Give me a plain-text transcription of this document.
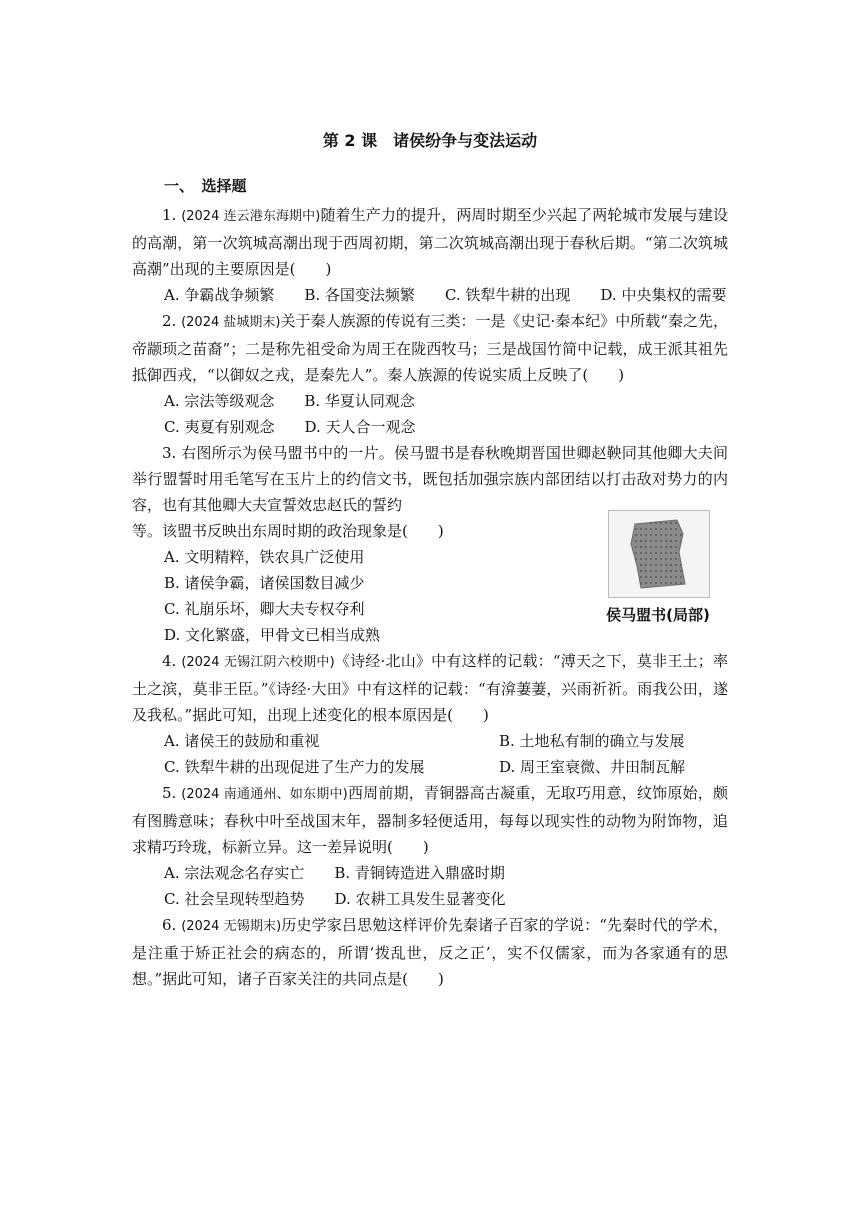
第 2 课　诸侯纷争与变法运动
一、　选择题

1. (2024 连云港东海期中)随着生产力的提升，两周时期至少兴起了两轮城市发展与建设的高潮，第一次筑城高潮出现于西周初期，第二次筑城高潮出现于春秋后期。“第二次筑城高潮”出现的主要原因是(　　)

A. 争霸战争频繁 B. 各国变法频繁 C. 铁犁牛耕的出现 D. 中央集权的需要

2. (2024 盐城期末)关于秦人族源的传说有三类：一是《史记·秦本纪》中所载“秦之先，帝颛顼之苗裔”；二是称先祖受命为周王在陇西牧马；三是战国竹简中记载，成王派其祖先抵御西戎，“以御奴之戎，是秦先人”。秦人族源的传说实质上反映了(　　)

A. 宗法等级观念 B. 华夏认同观念

C. 夷夏有别观念 D. 天人合一观念

3. 右图所示为侯马盟书中的一片。侯马盟书是春秋晚期晋国世卿赵鞅同其他卿大夫间举行盟誓时用毛笔写在玉片上的约信文书，既包括加强宗族内部团结以打击敌对势力的内容，也有其他卿大夫宣誓效忠赵氏的誓约

等。该盟书反映出东周时期的政治现象是(　　)

A. 文明精粹，铁农具广泛使用

B. 诸侯争霸，诸侯国数目减少

C. 礼崩乐坏，卿大夫专权夺利

D. 文化繁盛，甲骨文已相当成熟

侯马盟书(局部)

4. (2024 无锡江阴六校期中)《诗经·北山》中有这样的记载：“溥天之下，莫非王土；率土之滨，莫非王臣。”《诗经·大田》中有这样的记载：“有渰萋萋，兴雨祈祈。雨我公田，遂及我私。”据此可知，出现上述变化的根本原因是(　　)

A. 诸侯王的鼓励和重视	B. 土地私有制的确立与发展

C. 铁犁牛耕的出现促进了生产力的发展	D. 周王室衰微、井田制瓦解

5. (2024 南通通州、如东期中)西周前期，青铜器高古凝重，无取巧用意，纹饰原始，颇有图腾意味；春秋中叶至战国末年，器制多轻便适用，每每以现实性的动物为附饰物，追求精巧玲珑，标新立异。这一差异说明(　　)

A. 宗法观念名存实亡 B. 青铜铸造进入鼎盛时期

C. 社会呈现转型趋势 D. 农耕工具发生显著变化

6. (2024 无锡期末)历史学家吕思勉这样评价先秦诸子百家的学说：“先秦时代的学术，是注重于矫正社会的病态的，所谓‘拨乱世，反之正’，实不仅儒家，而为各家通有的思想。”据此可知，诸子百家关注的共同点是(　　)
